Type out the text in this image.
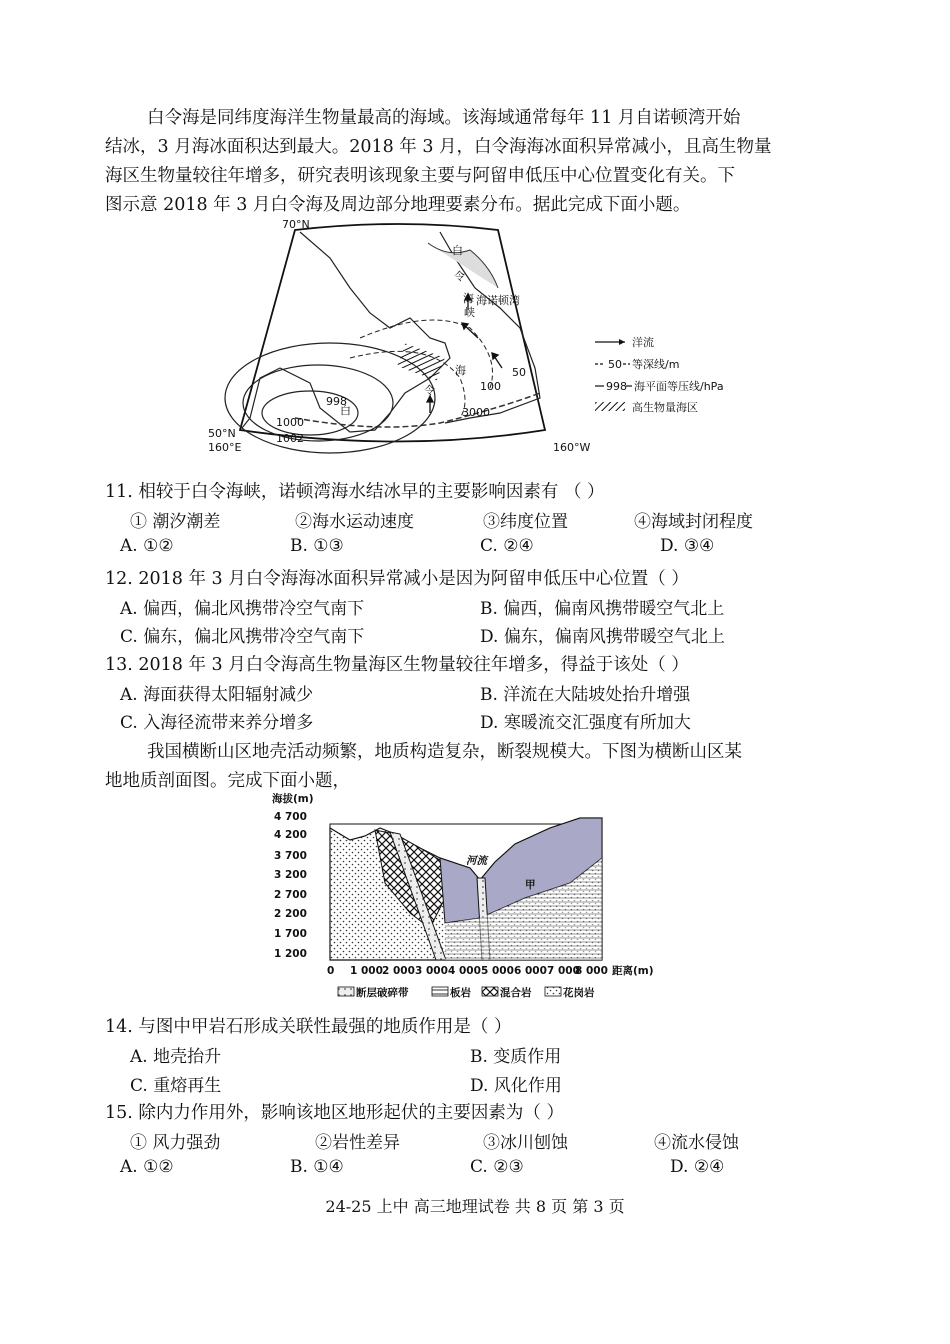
白令海是同纬度海洋生物量最高的海域。该海域通常每年 11 月自诺顿湾开始
结冰，3 月海冰面积达到最大。2018 年 3 月，白令海海冰面积异常减小，且高生物量
海区生物量较往年增多，研究表明该现象主要与阿留申低压中心位置变化有关。下
图示意 2018 年 3 月白令海及周边部分地理要素分布。据此完成下面小题。
70°N
50°N
160°E	160°W
白
令
海
峡
海诺顿湾
海
令
白
998
1000
1002
50
100
3000
洋流
50 等深线/m
998 海平面等压线/hPa
高生物量海区
11. 相较于白令海峡，诺顿湾海水结冰早的主要影响因素有 （ ）
① 潮汐潮差	②海水运动速度	③纬度位置	④海域封闭程度
A. ①②	B. ①③	C. ②④	D. ③④
12. 2018 年 3 月白令海海冰面积异常减小是因为阿留申低压中心位置（ ）
A. 偏西，偏北风携带冷空气南下	B. 偏西，偏南风携带暖空气北上
C. 偏东，偏北风携带冷空气南下	D. 偏东，偏南风携带暖空气北上
13. 2018 年 3 月白令海高生物量海区生物量较往年增多，得益于该处（ ）
A. 海面获得太阳辐射减少	B. 洋流在大陆坡处抬升增强
C. 入海径流带来养分增多	D. 寒暖流交汇强度有所加大
我国横断山区地壳活动频繁，地质构造复杂，断裂规模大。下图为横断山区某
地地质剖面图。完成下面小题，
海拔(m)
4 700
4 200
3 700
3 200
2 700
2 200
1 700
1 200
河流
甲
0 1 000 2 000 3 000 4 000 5 000 6 000 7 000
8 000 距离(m)
断层破碎带	板岩	混合岩	花岗岩
14. 与图中甲岩石形成关联性最强的地质作用是（ ）
A. 地壳抬升	B. 变质作用
C. 重熔再生	D. 风化作用
15. 除内力作用外，影响该地区地形起伏的主要因素为（ ）
① 风力强劲	②岩性差异	③冰川刨蚀	④流水侵蚀
A. ①②	B. ①④	C. ②③	D. ②④
24-25 上中 高三地理试卷 共 8 页 第 3 页
